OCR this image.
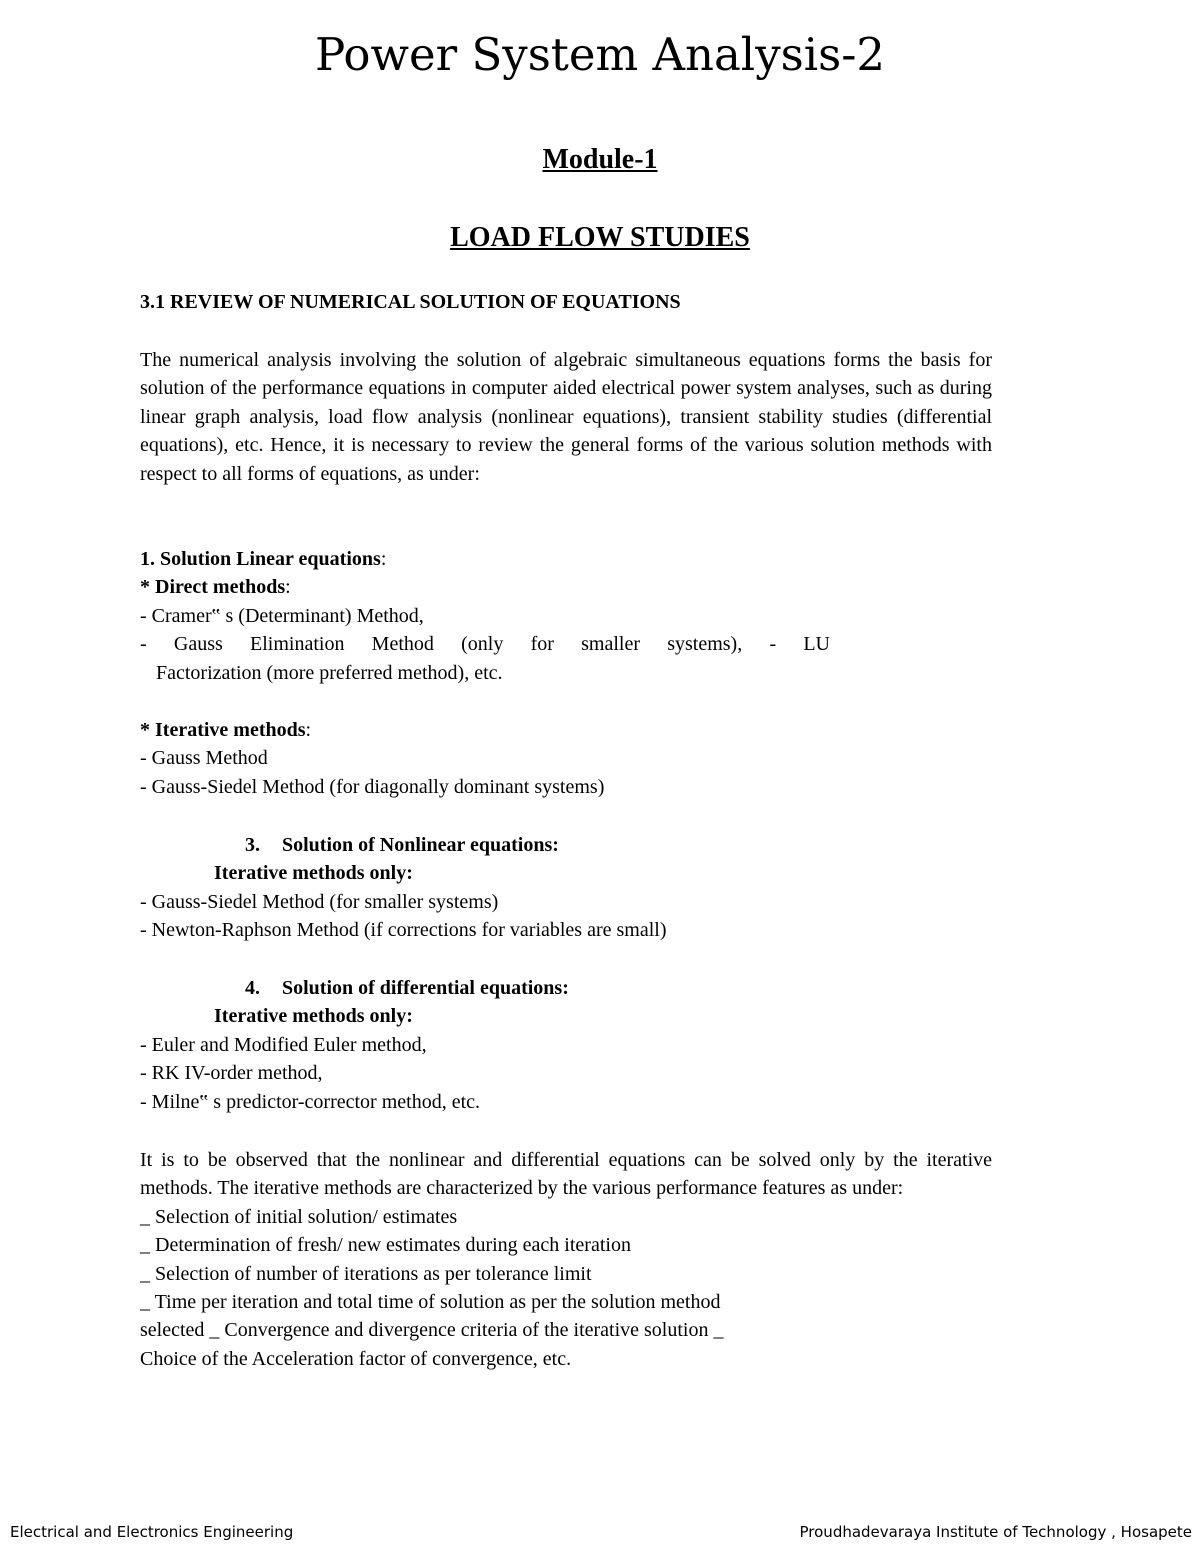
Power System Analysis-2
Module-1
LOAD FLOW STUDIES

3.1 REVIEW OF NUMERICAL SOLUTION OF EQUATIONS

The numerical analysis involving the solution of algebraic simultaneous equations forms the basis for solution of the performance equations in computer aided electrical power system analyses, such as during linear graph analysis, load flow analysis (nonlinear equations), transient stability studies (differential equations), etc. Hence, it is necessary to review the general forms of the various solution methods with respect to all forms of equations, as under:

1. Solution Linear equations:

* Direct methods:

- Cramer‟ s (Determinant) Method,

- Gauss Elimination Method (only for smaller systems), - LU

Factorization (more preferred method), etc.

* Iterative methods:

- Gauss Method

- Gauss-Siedel Method (for diagonally dominant systems)

3. Solution of Nonlinear equations:

Iterative methods only:

- Gauss-Siedel Method (for smaller systems)

- Newton-Raphson Method (if corrections for variables are small)

4. Solution of differential equations:

Iterative methods only:

- Euler and Modified Euler method,

- RK IV-order method,

- Milne‟ s predictor-corrector method, etc.

It is to be observed that the nonlinear and differential equations can be solved only by the iterative methods. The iterative methods are characterized by the various performance features as under:

_ Selection of initial solution/ estimates

_ Determination of fresh/ new estimates during each iteration

_ Selection of number of iterations as per tolerance limit

_ Time per iteration and total time of solution as per the solution method

selected _ Convergence and divergence criteria of the iterative solution _

Choice of the Acceleration factor of convergence, etc.

Electrical and Electronics Engineering	Proudhadevaraya Institute of Technology , Hosapete
